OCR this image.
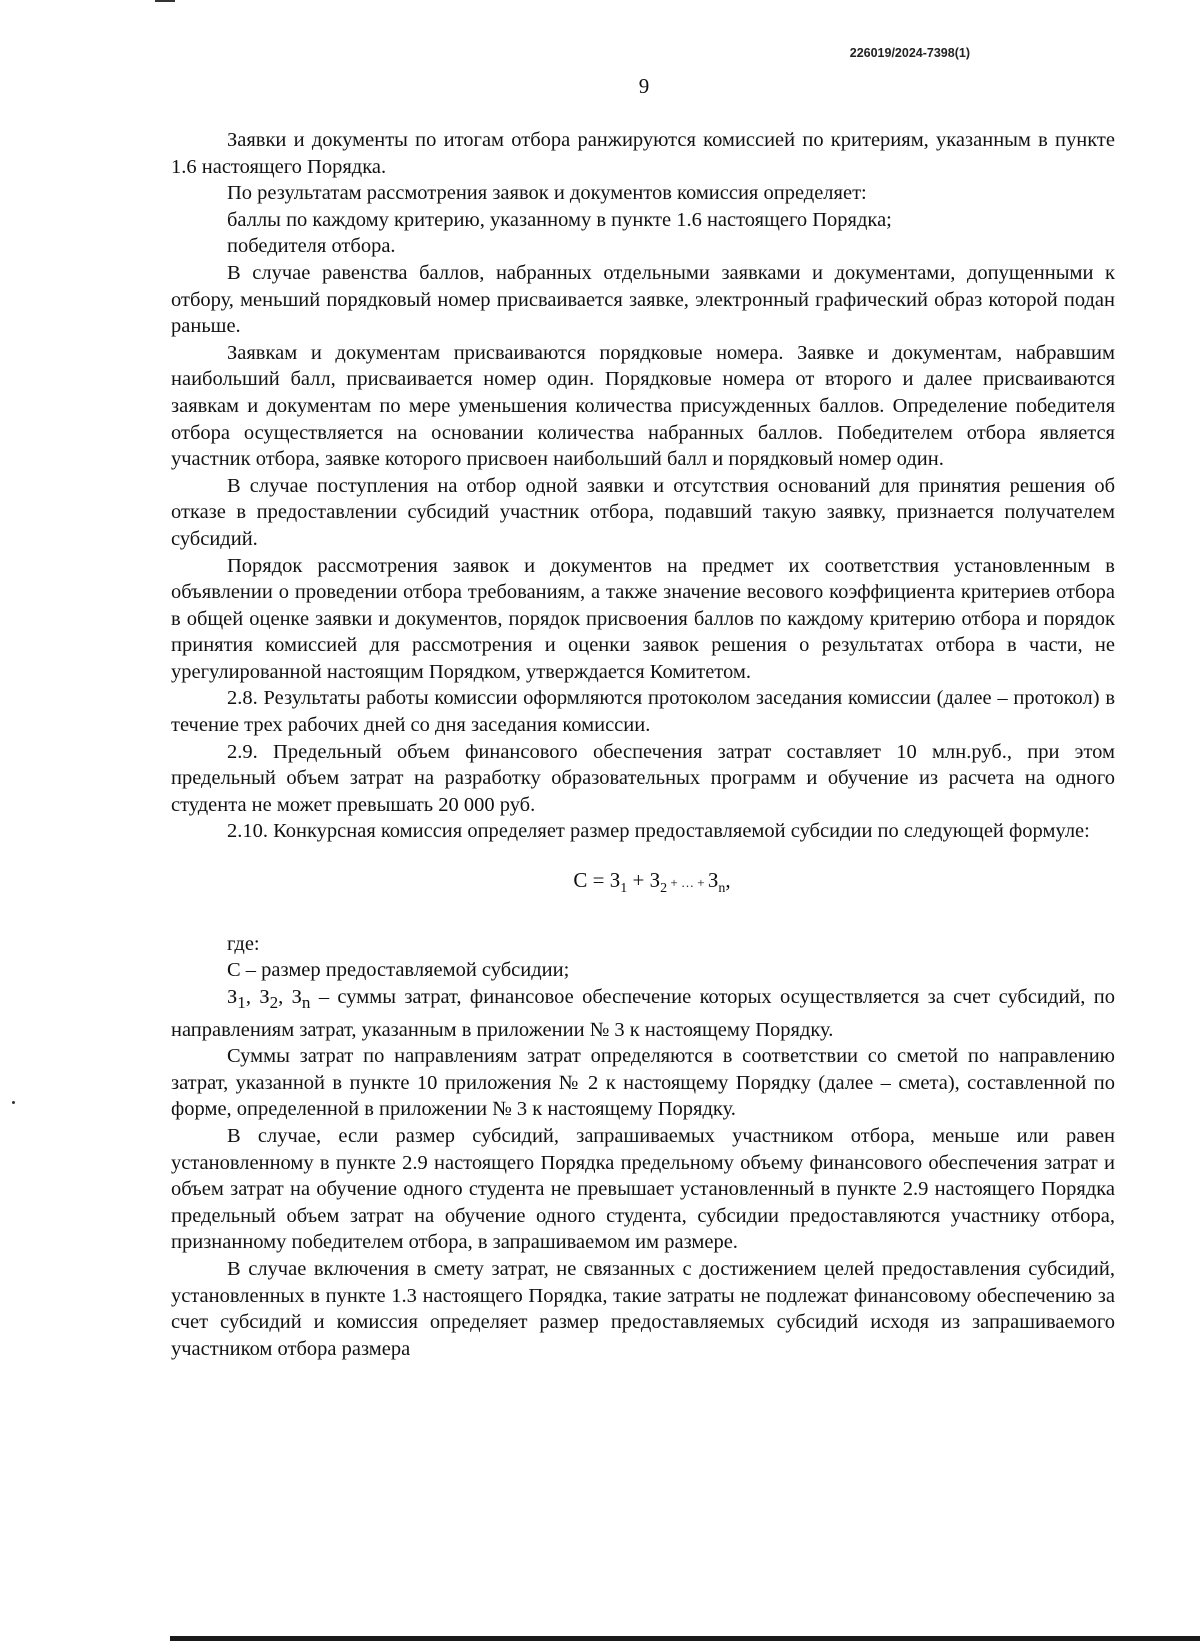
226019/2024-7398(1)
9

Заявки и документы по итогам отбора ранжируются комиссией по критериям, указанным в пункте 1.6 настоящего Порядка.

По результатам рассмотрения заявок и документов комиссия определяет:

баллы по каждому критерию, указанному в пункте 1.6 настоящего Порядка;

победителя отбора.

В случае равенства баллов, набранных отдельными заявками и документами, допущенными к отбору, меньший порядковый номер присваивается заявке, электронный графический образ которой подан раньше.

Заявкам и документам присваиваются порядковые номера. Заявке и документам, набравшим наибольший балл, присваивается номер один. Порядковые номера от второго и далее присваиваются заявкам и документам по мере уменьшения количества присужденных баллов. Определение победителя отбора осуществляется на основании количества набранных баллов. Победителем отбора является участник отбора, заявке которого присвоен наибольший балл и порядковый номер один.

В случае поступления на отбор одной заявки и отсутствия оснований для принятия решения об отказе в предоставлении субсидий участник отбора, подавший такую заявку, признается получателем субсидий.

Порядок рассмотрения заявок и документов на предмет их соответствия установленным в объявлении о проведении отбора требованиям, а также значение весового коэффициента критериев отбора в общей оценке заявки и документов, порядок присвоения баллов по каждому критерию отбора и порядок принятия комиссией для рассмотрения и оценки заявок решения о результатах отбора в части, не урегулированной настоящим Порядком, утверждается Комитетом.

2.8. Результаты работы комиссии оформляются протоколом заседания комиссии (далее – протокол) в течение трех рабочих дней со дня заседания комиссии.

2.9. Предельный объем финансового обеспечения затрат составляет 10 млн.руб., при этом предельный объем затрат на разработку образовательных программ и обучение из расчета на одного студента не может превышать 20 000 руб.

2.10. Конкурсная комиссия определяет размер предоставляемой субсидии по следующей формуле:

$С = З_1 + З_2$ + … + $З_n$,

где:

С – размер предоставляемой субсидии;

$З_1$, $З_2$, $З_n$ – суммы затрат, финансовое обеспечение которых осуществляется за счет субсидий, по направлениям затрат, указанным в приложении № 3 к настоящему Порядку.

Суммы затрат по направлениям затрат определяются в соответствии со сметой по направлению затрат, указанной в пункте 10 приложения № 2 к настоящему Порядку (далее – смета), составленной по форме, определенной в приложении № 3 к настоящему Порядку.

В случае, если размер субсидий, запрашиваемых участником отбора, меньше или равен установленному в пункте 2.9 настоящего Порядка предельному объему финансового обеспечения затрат и объем затрат на обучение одного студента не превышает установленный в пункте 2.9 настоящего Порядка предельный объем затрат на обучение одного студента, субсидии предоставляются участнику отбора, признанному победителем отбора, в запрашиваемом им размере.

В случае включения в смету затрат, не связанных с достижением целей предоставления субсидий, установленных в пункте 1.3 настоящего Порядка, такие затраты не подлежат финансовому обеспечению за счет субсидий и комиссия определяет размер предоставляемых субсидий исходя из запрашиваемого участником отбора размера
